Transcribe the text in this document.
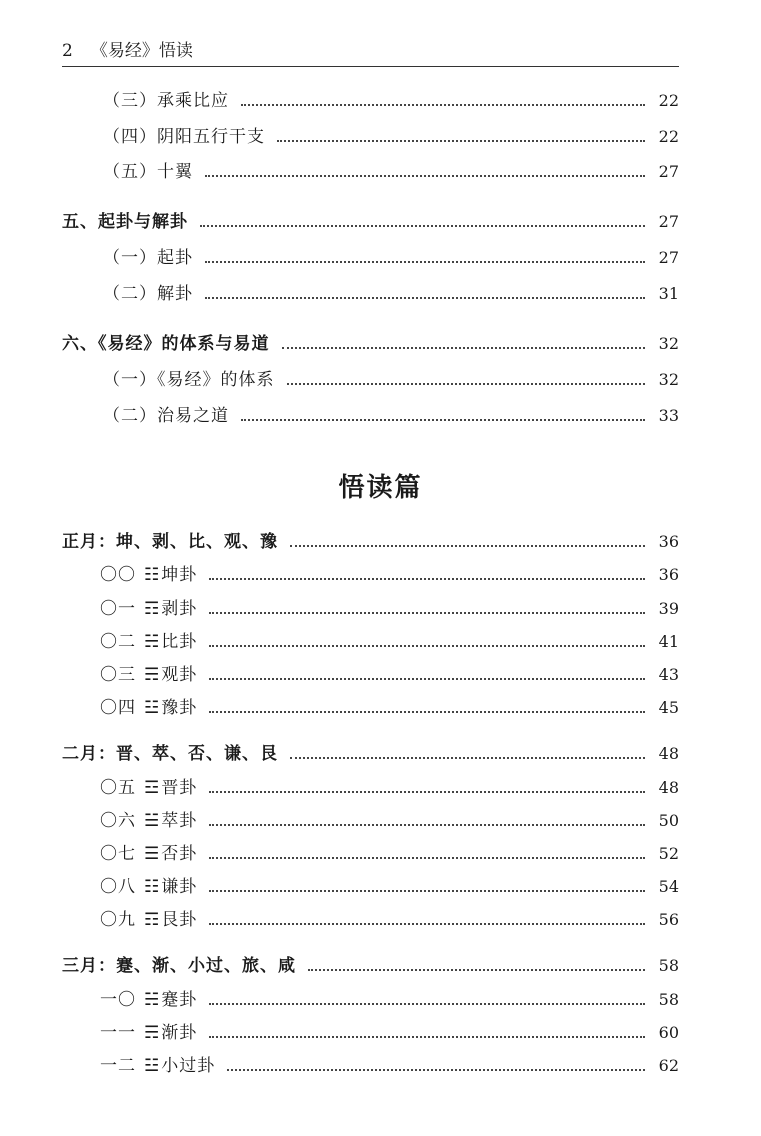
2 《易经》悟读
（三）承乘比应	22
（四）阴阳五行干支	22
（五）十翼	27
五、起卦与解卦	27
（一）起卦	27
（二）解卦	31
六、《易经》的体系与易道	32
（一）《易经》的体系	32
（二）治易之道	33
悟读篇
正月：坤、剥、比、观、豫	36
〇〇 ☷ 坤卦	36
〇一 ☶ 剥卦	39
〇二 ☵ 比卦	41
〇三 ☴ 观卦	43
〇四 ☳ 豫卦	45
二月：晋、萃、否、谦、艮	48
〇五 ☲ 晋卦	48
〇六 ☱ 萃卦	50
〇七 ☰ 否卦	52
〇八 ☷ 谦卦	54
〇九 ☶ 艮卦	56
三月：蹇、渐、小过、旅、咸	58
一〇 ☵ 蹇卦	58
一一 ☴ 渐卦	60
一二 ☳ 小过卦	62
